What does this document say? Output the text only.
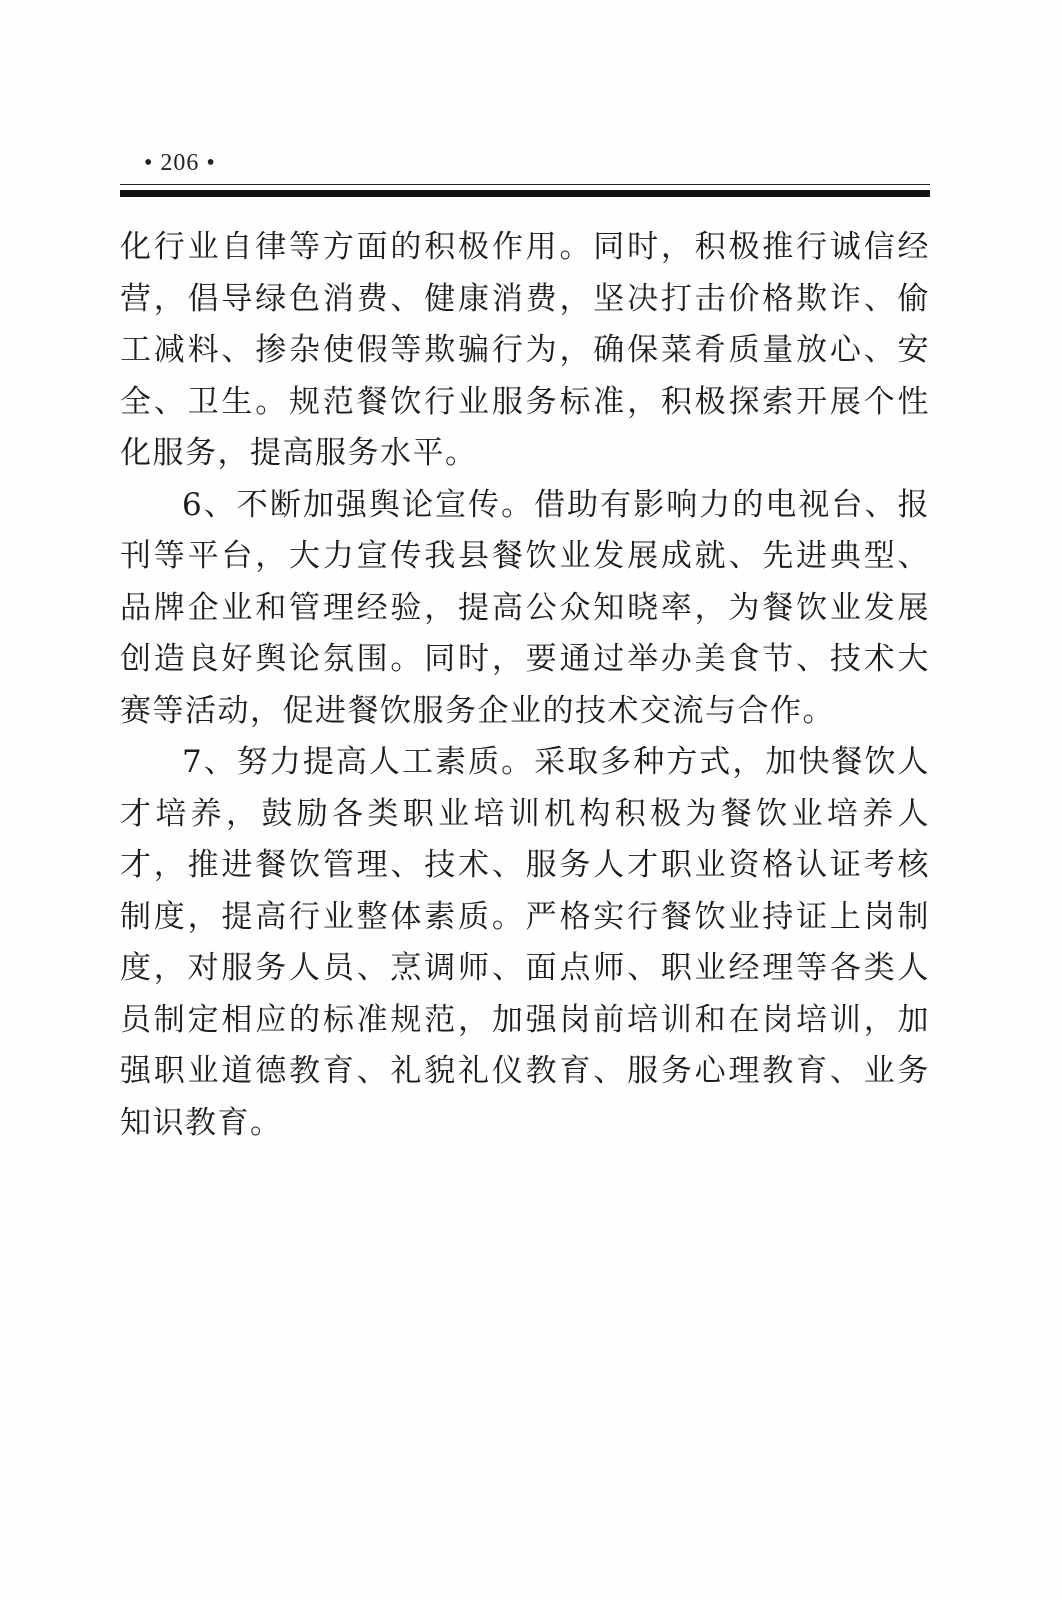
• 206 •

化行业自律等方面的积极作用。同时，积极推行诚信经营，倡导绿色消费、健康消费，坚决打击价格欺诈、偷工减料、掺杂使假等欺骗行为，确保菜肴质量放心、安全、卫生。规范餐饮行业服务标准，积极探索开展个性化服务，提高服务水平。

6、不断加强舆论宣传。借助有影响力的电视台、报刊等平台，大力宣传我县餐饮业发展成就、先进典型、品牌企业和管理经验，提高公众知晓率，为餐饮业发展创造良好舆论氛围。同时，要通过举办美食节、技术大赛等活动，促进餐饮服务企业的技术交流与合作。

7、努力提高人工素质。采取多种方式，加快餐饮人才培养，鼓励各类职业培训机构积极为餐饮业培养人才，推进餐饮管理、技术、服务人才职业资格认证考核制度，提高行业整体素质。严格实行餐饮业持证上岗制度，对服务人员、烹调师、面点师、职业经理等各类人员制定相应的标准规范，加强岗前培训和在岗培训，加强职业道德教育、礼貌礼仪教育、服务心理教育、业务知识教育。
